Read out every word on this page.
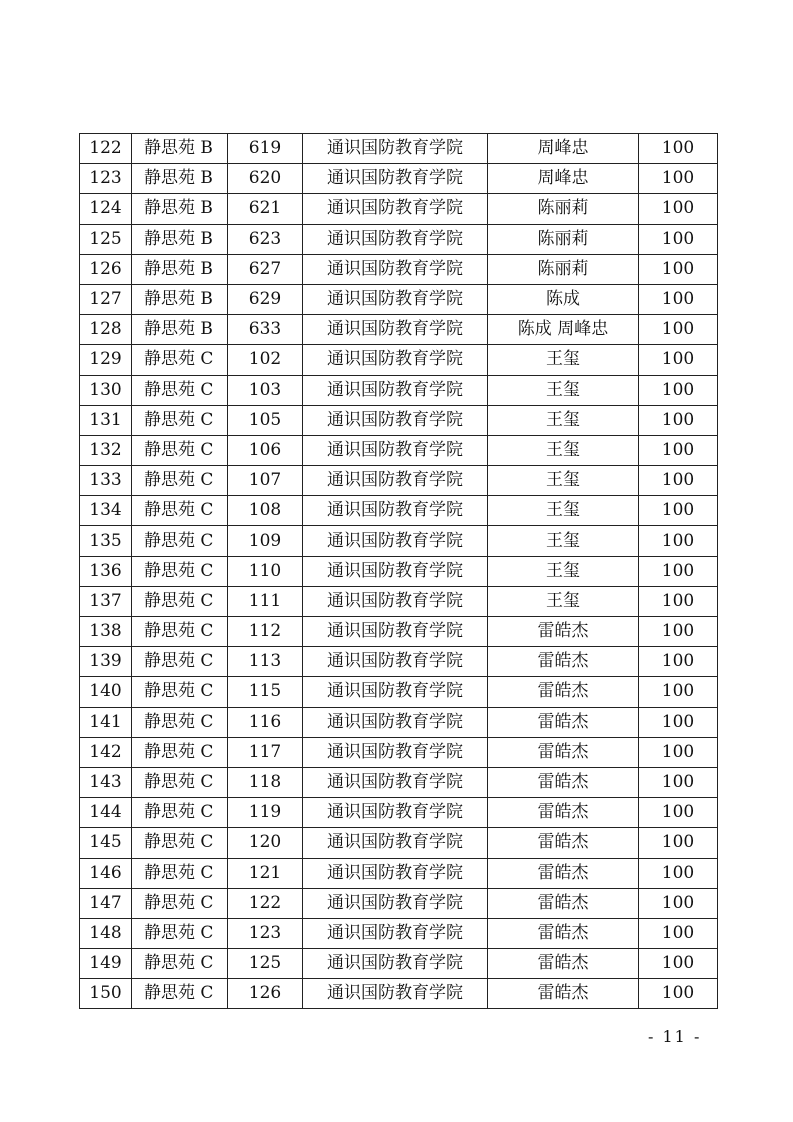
122	静思苑 B	619	通识国防教育学院	周峰忠	100
123	静思苑 B	620	通识国防教育学院	周峰忠	100
124	静思苑 B	621	通识国防教育学院	陈丽莉	100
125	静思苑 B	623	通识国防教育学院	陈丽莉	100
126	静思苑 B	627	通识国防教育学院	陈丽莉	100
127	静思苑 B	629	通识国防教育学院	陈成	100
128	静思苑 B	633	通识国防教育学院	陈成 周峰忠	100
129	静思苑 C	102	通识国防教育学院	王玺	100
130	静思苑 C	103	通识国防教育学院	王玺	100
131	静思苑 C	105	通识国防教育学院	王玺	100
132	静思苑 C	106	通识国防教育学院	王玺	100
133	静思苑 C	107	通识国防教育学院	王玺	100
134	静思苑 C	108	通识国防教育学院	王玺	100
135	静思苑 C	109	通识国防教育学院	王玺	100
136	静思苑 C	110	通识国防教育学院	王玺	100
137	静思苑 C	111	通识国防教育学院	王玺	100
138	静思苑 C	112	通识国防教育学院	雷皓杰	100
139	静思苑 C	113	通识国防教育学院	雷皓杰	100
140	静思苑 C	115	通识国防教育学院	雷皓杰	100
141	静思苑 C	116	通识国防教育学院	雷皓杰	100
142	静思苑 C	117	通识国防教育学院	雷皓杰	100
143	静思苑 C	118	通识国防教育学院	雷皓杰	100
144	静思苑 C	119	通识国防教育学院	雷皓杰	100
145	静思苑 C	120	通识国防教育学院	雷皓杰	100
146	静思苑 C	121	通识国防教育学院	雷皓杰	100
147	静思苑 C	122	通识国防教育学院	雷皓杰	100
148	静思苑 C	123	通识国防教育学院	雷皓杰	100
149	静思苑 C	125	通识国防教育学院	雷皓杰	100
150	静思苑 C	126	通识国防教育学院	雷皓杰	100
- 11 -
